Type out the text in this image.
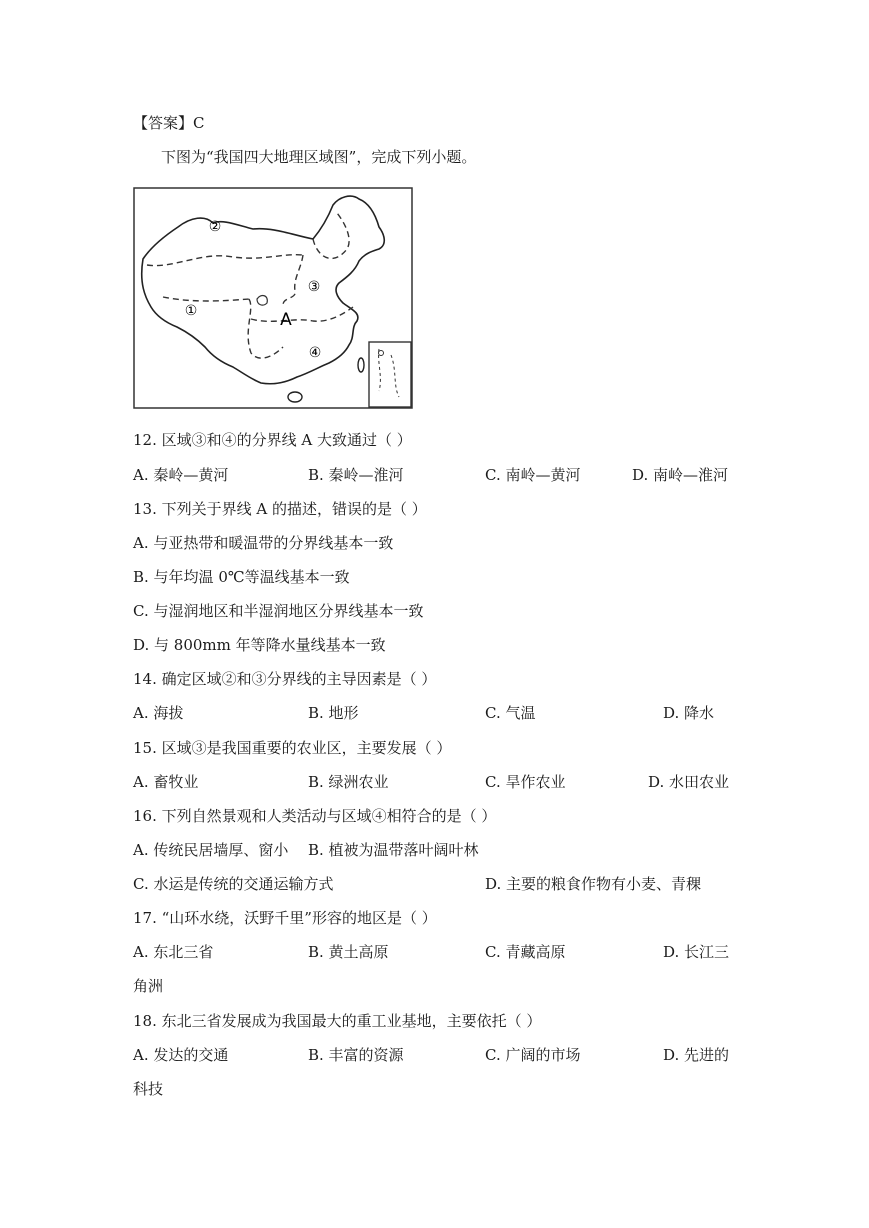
【答案】C
下图为“我国四大地理区域图”，完成下列小题。
①
②
③
④
A
12. 区域③和④的分界线 A 大致通过（ ）
A. 秦岭—黄河	B. 秦岭—淮河	C. 南岭—黄河	D. 南岭—淮河
13. 下列关于界线 A 的描述，错误的是（ ）
A. 与亚热带和暖温带的分界线基本一致
B. 与年均温 0℃等温线基本一致
C. 与湿润地区和半湿润地区分界线基本一致
D. 与 800mm 年等降水量线基本一致
14. 确定区域②和③分界线的主导因素是（ ）
A. 海拔	B. 地形	C. 气温	D. 降水
15. 区域③是我国重要的农业区，主要发展（ ）
A. 畜牧业	B. 绿洲农业	C. 旱作农业	D. 水田农业
16. 下列自然景观和人类活动与区域④相符合的是（ ）
A. 传统民居墙厚、窗小 B. 植被为温带落叶阔叶林
C. 水运是传统的交通运输方式	D. 主要的粮食作物有小麦、青稞
17. “山环水绕，沃野千里”形容的地区是（ ）
A. 东北三省	B. 黄土高原	C. 青藏高原	D. 长江三
角洲
18. 东北三省发展成为我国最大的重工业基地，主要依托（ ）
A. 发达的交通	B. 丰富的资源	C. 广阔的市场	D. 先进的
科技
